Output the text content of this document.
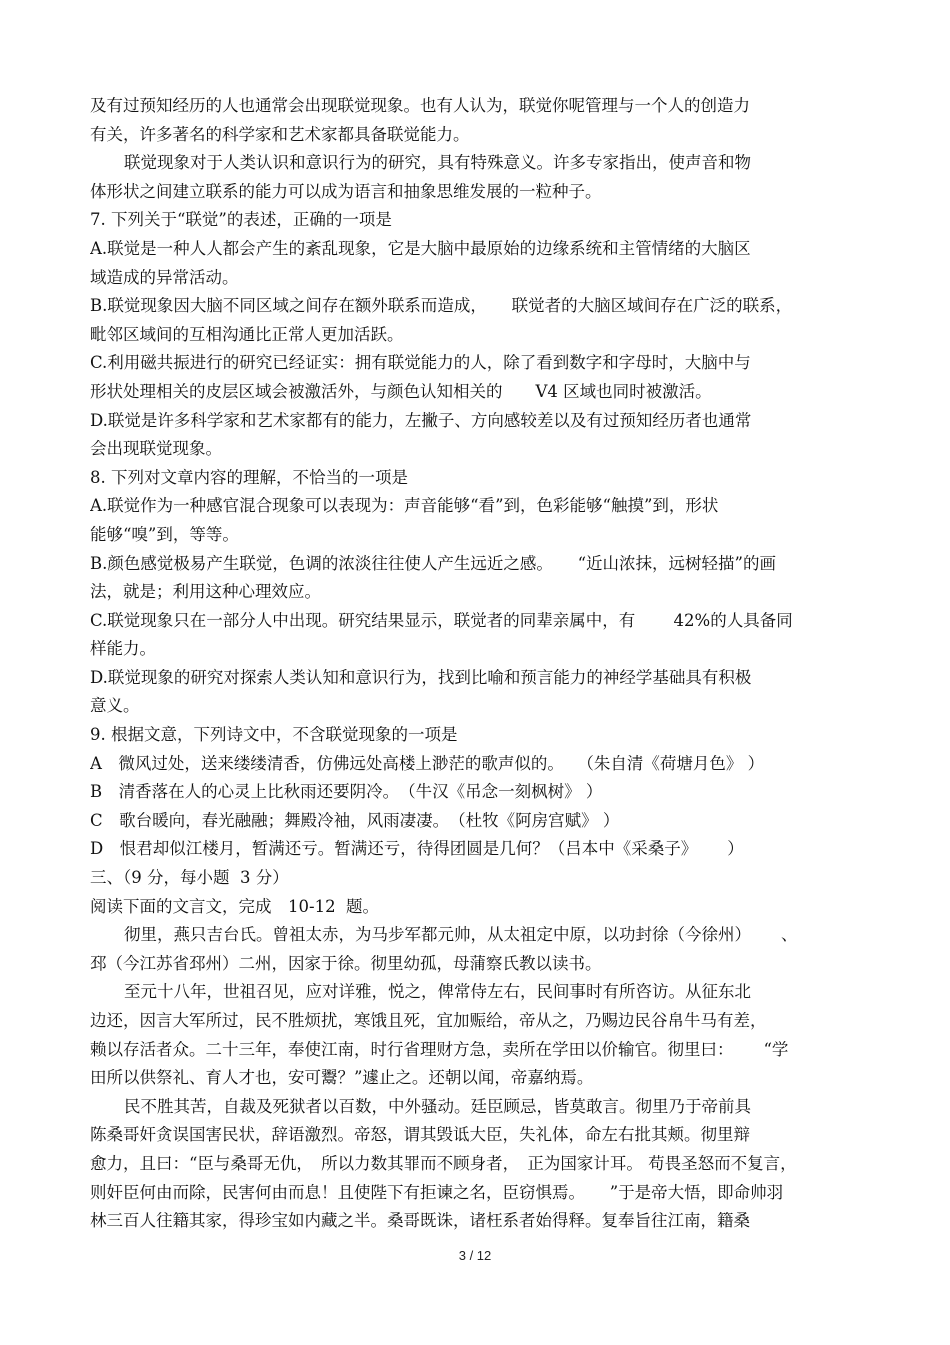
及有过预知经历的人也通常会出现联觉现象。也有人认为，联觉你呢管理与一个人的创造力
有关，许多著名的科学家和艺术家都具备联觉能力。
联觉现象对于人类认识和意识行为的研究，具有特殊意义。许多专家指出，使声音和物
体形状之间建立联系的能力可以成为语言和抽象思维发展的一粒种子。
7. 下列关于“联觉”的表述，正确的一项是
A.联觉是一种人人都会产生的紊乱现象，它是大脑中最原始的边缘系统和主管情绪的大脑区
域造成的异常活动。
B.联觉现象因大脑不同区域之间存在额外联系而造成，　　联觉者的大脑区域间存在广泛的联系，
毗邻区域间的互相沟通比正常人更加活跃。
C.利用磁共振进行的研究已经证实：拥有联觉能力的人，除了看到数字和字母时，大脑中与
形状处理相关的皮层区域会被激活外，与颜色认知相关的　　V4 区域也同时被激活。
D.联觉是许多科学家和艺术家都有的能力，左撇子、方向感较差以及有过预知经历者也通常
会出现联觉现象。
8. 下列对文章内容的理解，不恰当的一项是
A.联觉作为一种感官混合现象可以表现为：声音能够“看”到，色彩能够“触摸”到，形状
能够“嗅”到，等等。
B.颜色感觉极易产生联觉，色调的浓淡往往使人产生远近之感。　　“近山浓抹，远树轻描”的画
法，就是；利用这种心理效应。
C.联觉现象只在一部分人中出现。研究结果显示，联觉者的同辈亲属中，有　　 42%的人具备同
样能力。
D.联觉现象的研究对探索人类认知和意识行为，找到比喻和预言能力的神经学基础具有积极
意义。
9. 根据文意，下列诗文中，不含联觉现象的一项是
A　微风过处，送来缕缕清香，仿佛远处高楼上渺茫的歌声似的。　 （朱自清《荷塘月色》 ）
B　清香落在人的心灵上比秋雨还要阴冷。　（牛汉《吊念一刻枫树》 ）
C　歌台暖向，春光融融；舞殿冷袖，风雨凄凄。　（杜牧《阿房宫赋》 ）
D　恨君却似江楼月，暂满还亏。暂满还亏，待得团圆是几何？（吕本中《采桑子》　　 ）
三、（9 分，每小题  3 分）
阅读下面的文言文，完成　10-12  题。
彻里，燕只吉台氏。曾祖太赤，为马步军都元帅，从太祖定中原，以功封徐（今徐州）　　 、
邳（今江苏省邳州）二州，因家于徐。彻里幼孤，母蒲察氏教以读书。
至元十八年，世祖召见，应对详雅，悦之，俾常侍左右，民间事时有所咨访。从征东北
边还，因言大军所过，民不胜烦扰，寒饿且死，宜加赈给，帝从之，乃赐边民谷帛牛马有差，
赖以存活者众。二十三年，奉使江南，时行省理财方急，卖所在学田以价输官。彻里曰：　　 “学
田所以供祭礼、育人才也，安可鬻？”遽止之。还朝以闻，帝嘉纳焉。
民不胜其苦，自裁及死狱者以百数，中外骚动。廷臣顾忌，皆莫敢言。彻里乃于帝前具
陈桑哥奸贪误国害民状，辞语激烈。帝怒，谓其毁诋大臣，失礼体，命左右批其颊。彻里辩
愈力，且曰：“臣与桑哥无仇，　所以力数其罪而不顾身者，　正为国家计耳。 苟畏圣怒而不复言，
则奸臣何由而除，民害何由而息！且使陛下有拒谏之名，臣窃惧焉。　　”于是帝大悟，即命帅羽
林三百人往籍其家，得珍宝如内藏之半。桑哥既诛，诸枉系者始得释。复奉旨往江南，籍桑
3 / 12
